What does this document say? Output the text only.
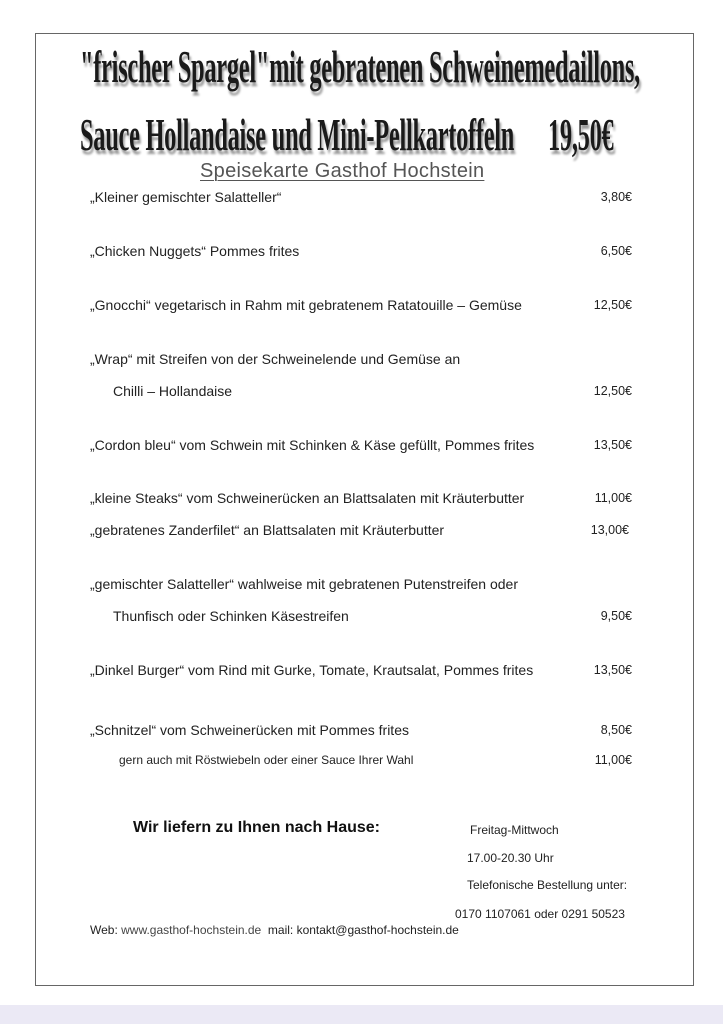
"frischer Spargel"mit gebratenen Schweinemedaillons,
Sauce Hollandaise und Mini-Pellkartoffeln 19,50€
Speisekarte Gasthof Hochstein
„Kleiner gemischter Salatteller“	3,80€
„Chicken Nuggets“ Pommes frites	6,50€
„Gnocchi“ vegetarisch in Rahm mit gebratenem Ratatouille – Gemüse	12,50€
„Wrap“ mit Streifen von der Schweinelende und Gemüse an
Chilli – Hollandaise	12,50€
„Cordon bleu“ vom Schwein mit Schinken & Käse gefüllt, Pommes frites	13,50€
„kleine Steaks“ vom Schweinerücken an Blattsalaten mit Kräuterbutter	11,00€
„gebratenes Zanderfilet“ an Blattsalaten mit Kräuterbutter	13,00€
„gemischter Salatteller“ wahlweise mit gebratenen Putenstreifen oder
Thunfisch oder Schinken Käsestreifen	9,50€
„Dinkel Burger“ vom Rind mit Gurke, Tomate, Krautsalat, Pommes frites	13,50€
„Schnitzel“ vom Schweinerücken mit Pommes frites	8,50€
gern auch mit Röstwiebeln oder einer Sauce Ihrer Wahl	11,00€
Wir liefern zu Ihnen nach Hause:	Freitag-Mittwoch
17.00-20.30 Uhr
Telefonische Bestellung unter:
0170 1107061 oder 0291 50523
Web: www.gasthof-hochstein.de mail: kontakt@gasthof-hochstein.de
